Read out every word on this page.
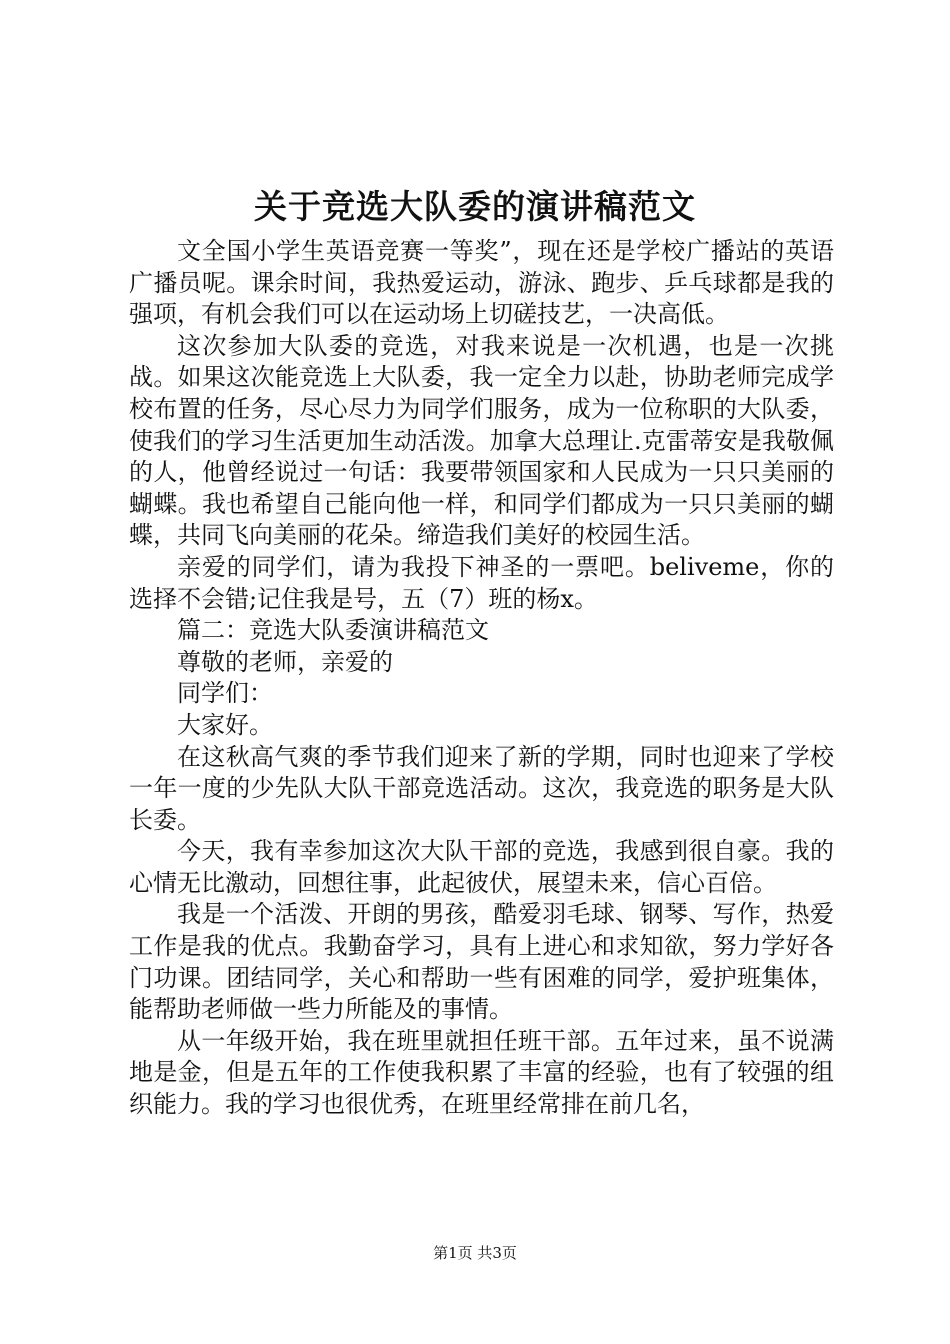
关于竞选大队委的演讲稿范文

文全国小学生英语竞赛一等奖”，现在还是学校广播站的英语广播员呢。课余时间，我热爱运动，游泳、跑步、乒乓球都是我的强项，有机会我们可以在运动场上切磋技艺，一决高低。

这次参加大队委的竞选，对我来说是一次机遇，也是一次挑战。如果这次能竞选上大队委，我一定全力以赴，协助老师完成学校布置的任务，尽心尽力为同学们服务，成为一位称职的大队委，使我们的学习生活更加生动活泼。加拿大总理让.克雷蒂安是我敬佩的人，他曾经说过一句话：我要带领国家和人民成为一只只美丽的蝴蝶。我也希望自己能向他一样，和同学们都成为一只只美丽的蝴蝶，共同飞向美丽的花朵。缔造我们美好的校园生活。

亲爱的同学们，请为我投下神圣的一票吧。beliveme，你的选择不会错;记住我是号，五（7）班的杨x。

篇二：竞选大队委演讲稿范文

尊敬的老师，亲爱的

同学们：

大家好。

在这秋高气爽的季节我们迎来了新的学期，同时也迎来了学校一年一度的少先队大队干部竞选活动。这次，我竞选的职务是大队长委。

今天，我有幸参加这次大队干部的竞选，我感到很自豪。我的心情无比激动，回想往事，此起彼伏，展望未来，信心百倍。

我是一个活泼、开朗的男孩，酷爱羽毛球、钢琴、写作，热爱工作是我的优点。我勤奋学习，具有上进心和求知欲，努力学好各门功课。团结同学，关心和帮助一些有困难的同学，爱护班集体，能帮助老师做一些力所能及的事情。

从一年级开始，我在班里就担任班干部。五年过来，虽不说满地是金，但是五年的工作使我积累了丰富的经验，也有了较强的组织能力。我的学习也很优秀，在班里经常排在前几名，

第1页 共3页
